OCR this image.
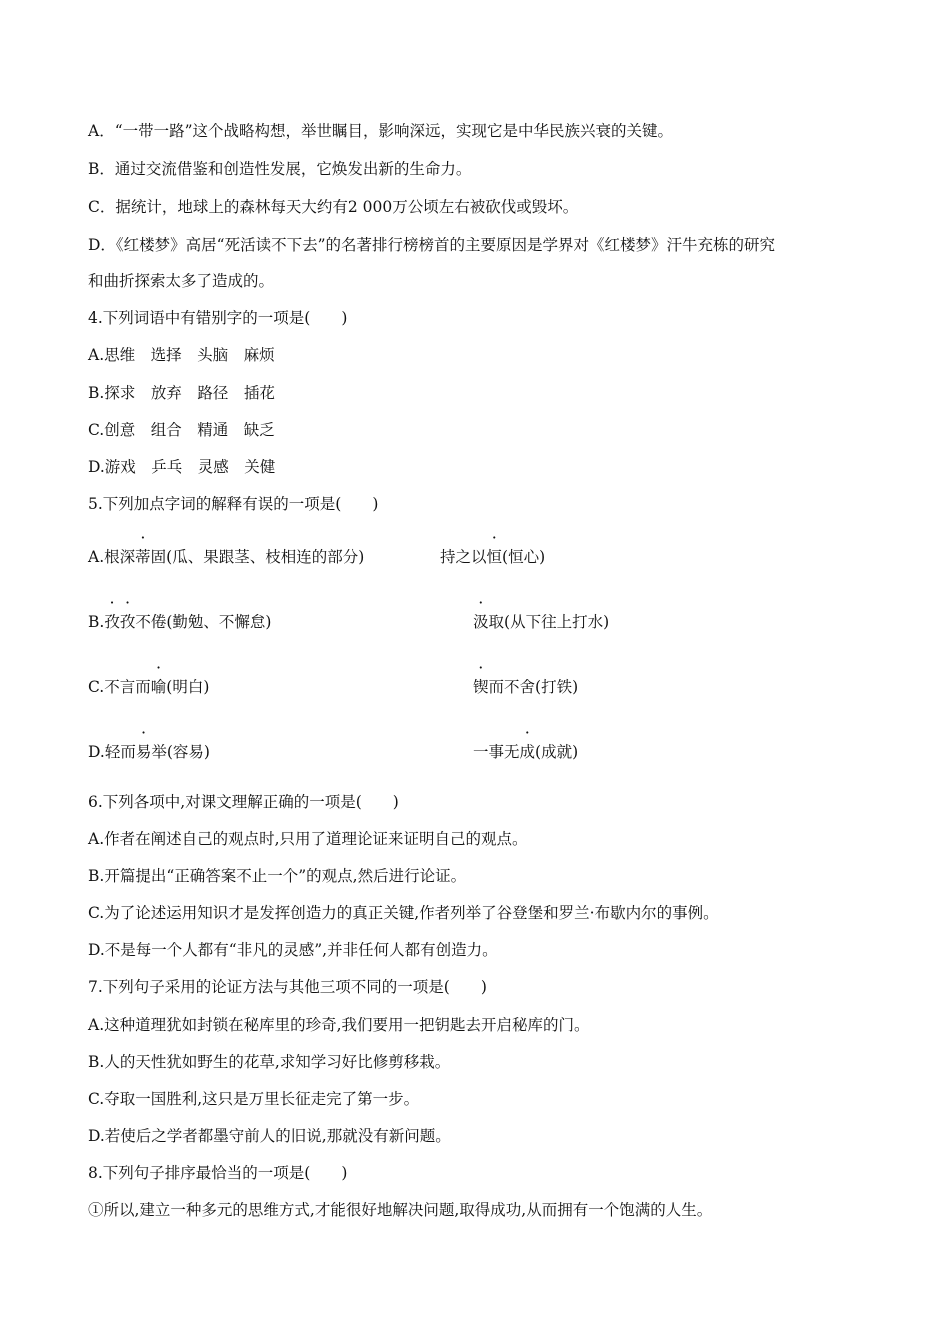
A．“一带一路”这个战略构想，举世瞩目，影响深远，实现它是中华民族兴衰的关键。
B．通过交流借鉴和创造性发展，它焕发出新的生命力。
C．据统计，地球上的森林每天大约有2 000万公顷左右被砍伐或毁坏。
D．《红楼梦》高居“死活读不下去”的名著排行榜榜首的主要原因是学界对《红楼梦》汗牛充栋的研究
和曲折探索太多了造成的。
4.下列词语中有错别字的一项是(　　)
A.思维　选择　头脑　麻烦
B.探求　放弃　路径　插花
C.创意　组合　精通　缺乏
D.游戏　乒乓　灵感　关健
5.下列加点字词的解释有误的一项是(　　)
A.根深蒂固(瓜、果跟茎、枝相连的部分)	持之以恒(恒心)
B.孜孜不倦(勤勉、不懈怠)	汲取(从下往上打水)
C.不言而喻(明白)	锲而不舍(打铁)
D.轻而易举(容易)	一事无成(成就)
6.下列各项中,对课文理解正确的一项是(　　)
A.作者在阐述自己的观点时,只用了道理论证来证明自己的观点。
B.开篇提出“正确答案不止一个”的观点,然后进行论证。
C.为了论述运用知识才是发挥创造力的真正关键,作者列举了谷登堡和罗兰·布歇内尔的事例。
D.不是每一个人都有“非凡的灵感”,并非任何人都有创造力。
7.下列句子采用的论证方法与其他三项不同的一项是(　　)
A.这种道理犹如封锁在秘库里的珍奇,我们要用一把钥匙去开启秘库的门。
B.人的天性犹如野生的花草,求知学习好比修剪移栽。
C.夺取一国胜利,这只是万里长征走完了第一步。
D.若使后之学者都墨守前人的旧说,那就没有新问题。
8.下列句子排序最恰当的一项是(　　)
①所以,建立一种多元的思维方式,才能很好地解决问题,取得成功,从而拥有一个饱满的人生。
